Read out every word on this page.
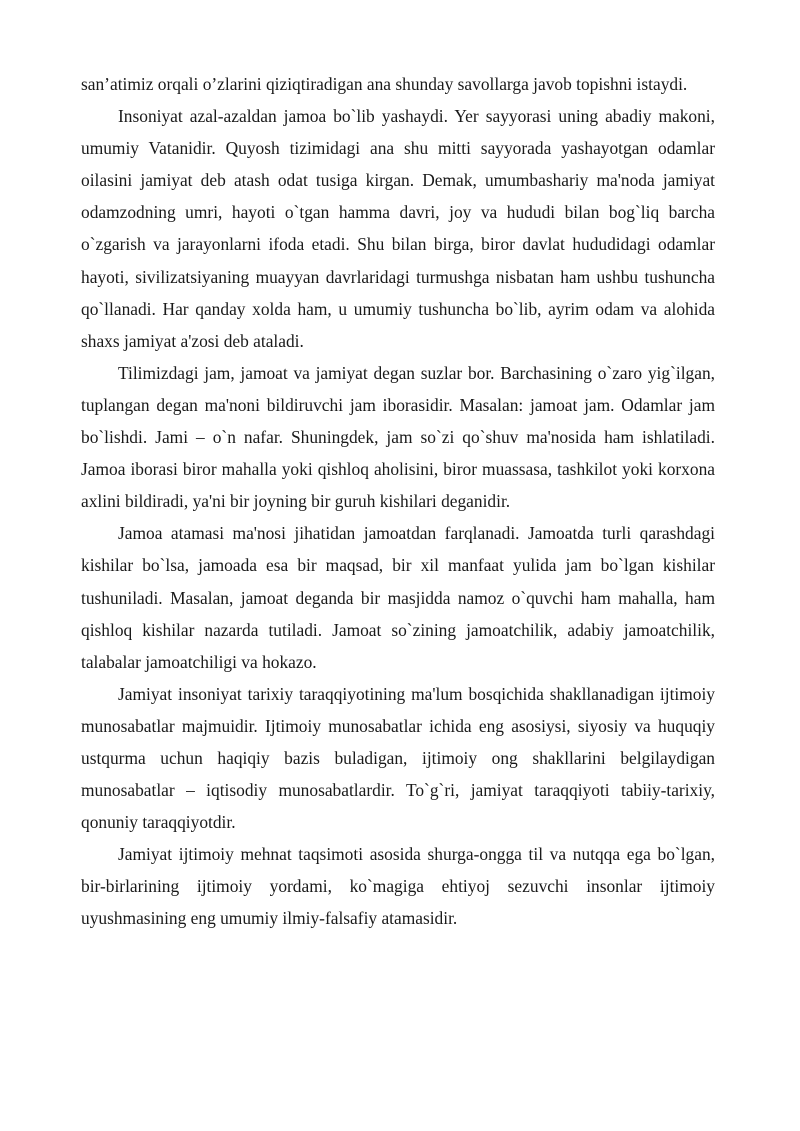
san’atimiz orqali o’zlarini qiziqtiradigan ana shunday savollarga javob topishni istaydi.

Insoniyat azal-azaldan jamoa bo`lib yashaydi. Yer sayyorasi uning abadiy makoni, umumiy Vatanidir. Quyosh tizimidagi ana shu mitti sayyorada yashayotgan odamlar oilasini jamiyat deb atash odat tusiga kirgan. Demak, umumbashariy ma'noda jamiyat odamzodning umri, hayoti o`tgan hamma davri, joy va hududi bilan bog`liq barcha o`zgarish va jarayonlarni ifoda etadi. Shu bilan birga, biror davlat hududidagi odamlar hayoti, sivilizatsiyaning muayyan davrlaridagi turmushga nisbatan ham ushbu tushuncha qo`llanadi. Har qanday xolda ham, u umumiy tushuncha bo`lib, ayrim odam va alohida shaxs jamiyat a'zosi deb ataladi.

Tilimizdagi jam, jamoat va jamiyat degan suzlar bor. Barchasining o`zaro yig`ilgan, tuplangan degan ma'noni bildiruvchi jam iborasidir. Masalan: jamoat jam. Odamlar jam bo`lishdi. Jami – o`n nafar. Shuningdek, jam so`zi qo`shuv ma'nosida ham ishlatiladi. Jamoa iborasi biror mahalla yoki qishloq aholisini, biror muassasa, tashkilot yoki korxona axlini bildiradi, ya'ni bir joyning bir guruh kishilari deganidir.

Jamoa atamasi ma'nosi jihatidan jamoatdan farqlanadi. Jamoatda turli qarashdagi kishilar bo`lsa, jamoada esa bir maqsad, bir xil manfaat yulida jam bo`lgan kishilar tushuniladi. Masalan, jamoat deganda bir masjidda namoz o`quvchi ham mahalla, ham qishloq kishilar nazarda tutiladi. Jamoat so`zining jamoatchilik, adabiy jamoatchilik, talabalar jamoatchiligi va hokazo.

Jamiyat insoniyat tarixiy taraqqiyotining ma'lum bosqichida shakllanadigan ijtimoiy munosabatlar majmuidir. Ijtimoiy munosabatlar ichida eng asosiysi, siyosiy va huquqiy ustqurma uchun haqiqiy bazis buladigan, ijtimoiy ong shakllarini belgilaydigan munosabatlar – iqtisodiy munosabatlardir. To`g`ri, jamiyat taraqqiyoti tabiiy-tarixiy, qonuniy taraqqiyotdir.

Jamiyat ijtimoiy mehnat taqsimoti asosida shurga-ongga til va nutqqa ega bo`lgan, bir-birlarining ijtimoiy yordami, ko`magiga ehtiyoj sezuvchi insonlar ijtimoiy uyushmasining eng umumiy ilmiy-falsafiy atamasidir.
